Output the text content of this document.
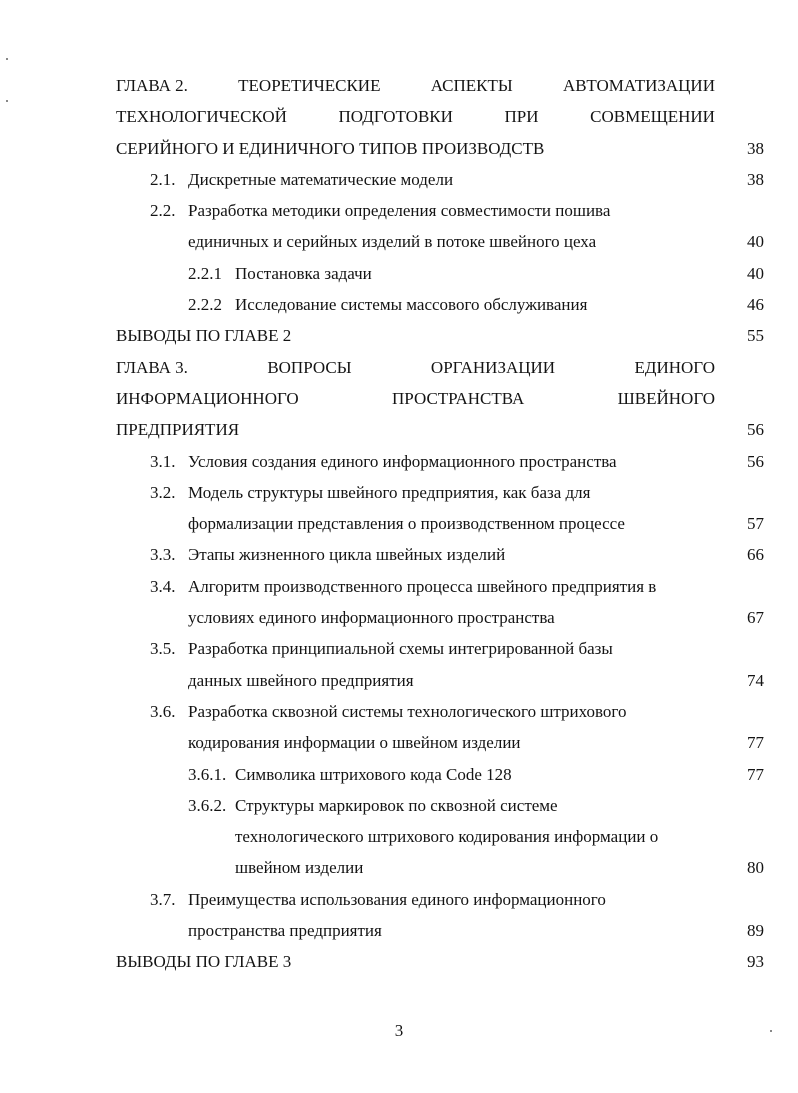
ГЛАВА 2.	ТЕОРЕТИЧЕСКИЕ	АСПЕКТЫ	АВТОМАТИЗАЦИИ
ТЕХНОЛОГИЧЕСКОЙ	ПОДГОТОВКИ	ПРИ	СОВМЕЩЕНИИ
СЕРИЙНОГО И ЕДИНИЧНОГО ТИПОВ ПРОИЗВОДСТВ	38
2.1. Дискретные математические модели	38
2.2. Разработка методики определения совместимости пошива
единичных и серийных изделий в потоке швейного цеха	40
2.2.1 Постановка задачи	40
2.2.2 Исследование системы массового обслуживания	46
ВЫВОДЫ ПО ГЛАВЕ 2	55
ГЛАВА 3.	ВОПРОСЫ	ОРГАНИЗАЦИИ	ЕДИНОГО
ИНФОРМАЦИОННОГО	ПРОСТРАНСТВА	ШВЕЙНОГО
ПРЕДПРИЯТИЯ	56
3.1. Условия создания единого информационного пространства	56
3.2. Модель структуры швейного предприятия, как база для
формализации представления о производственном процессе	57
3.3. Этапы жизненного цикла швейных изделий	66
3.4. Алгоритм производственного процесса швейного предприятия в
условиях единого информационного пространства	67
3.5. Разработка принципиальной схемы интегрированной базы
данных швейного предприятия	74
3.6. Разработка сквозной системы технологического штрихового
кодирования информации о швейном изделии	77
3.6.1. Символика штрихового кода Code 128	77
3.6.2. Структуры маркировок по сквозной системе
технологического штрихового кодирования информации о
швейном изделии	80
3.7. Преимущества использования единого информационного
пространства предприятия	89
ВЫВОДЫ ПО ГЛАВЕ 3	93
3
